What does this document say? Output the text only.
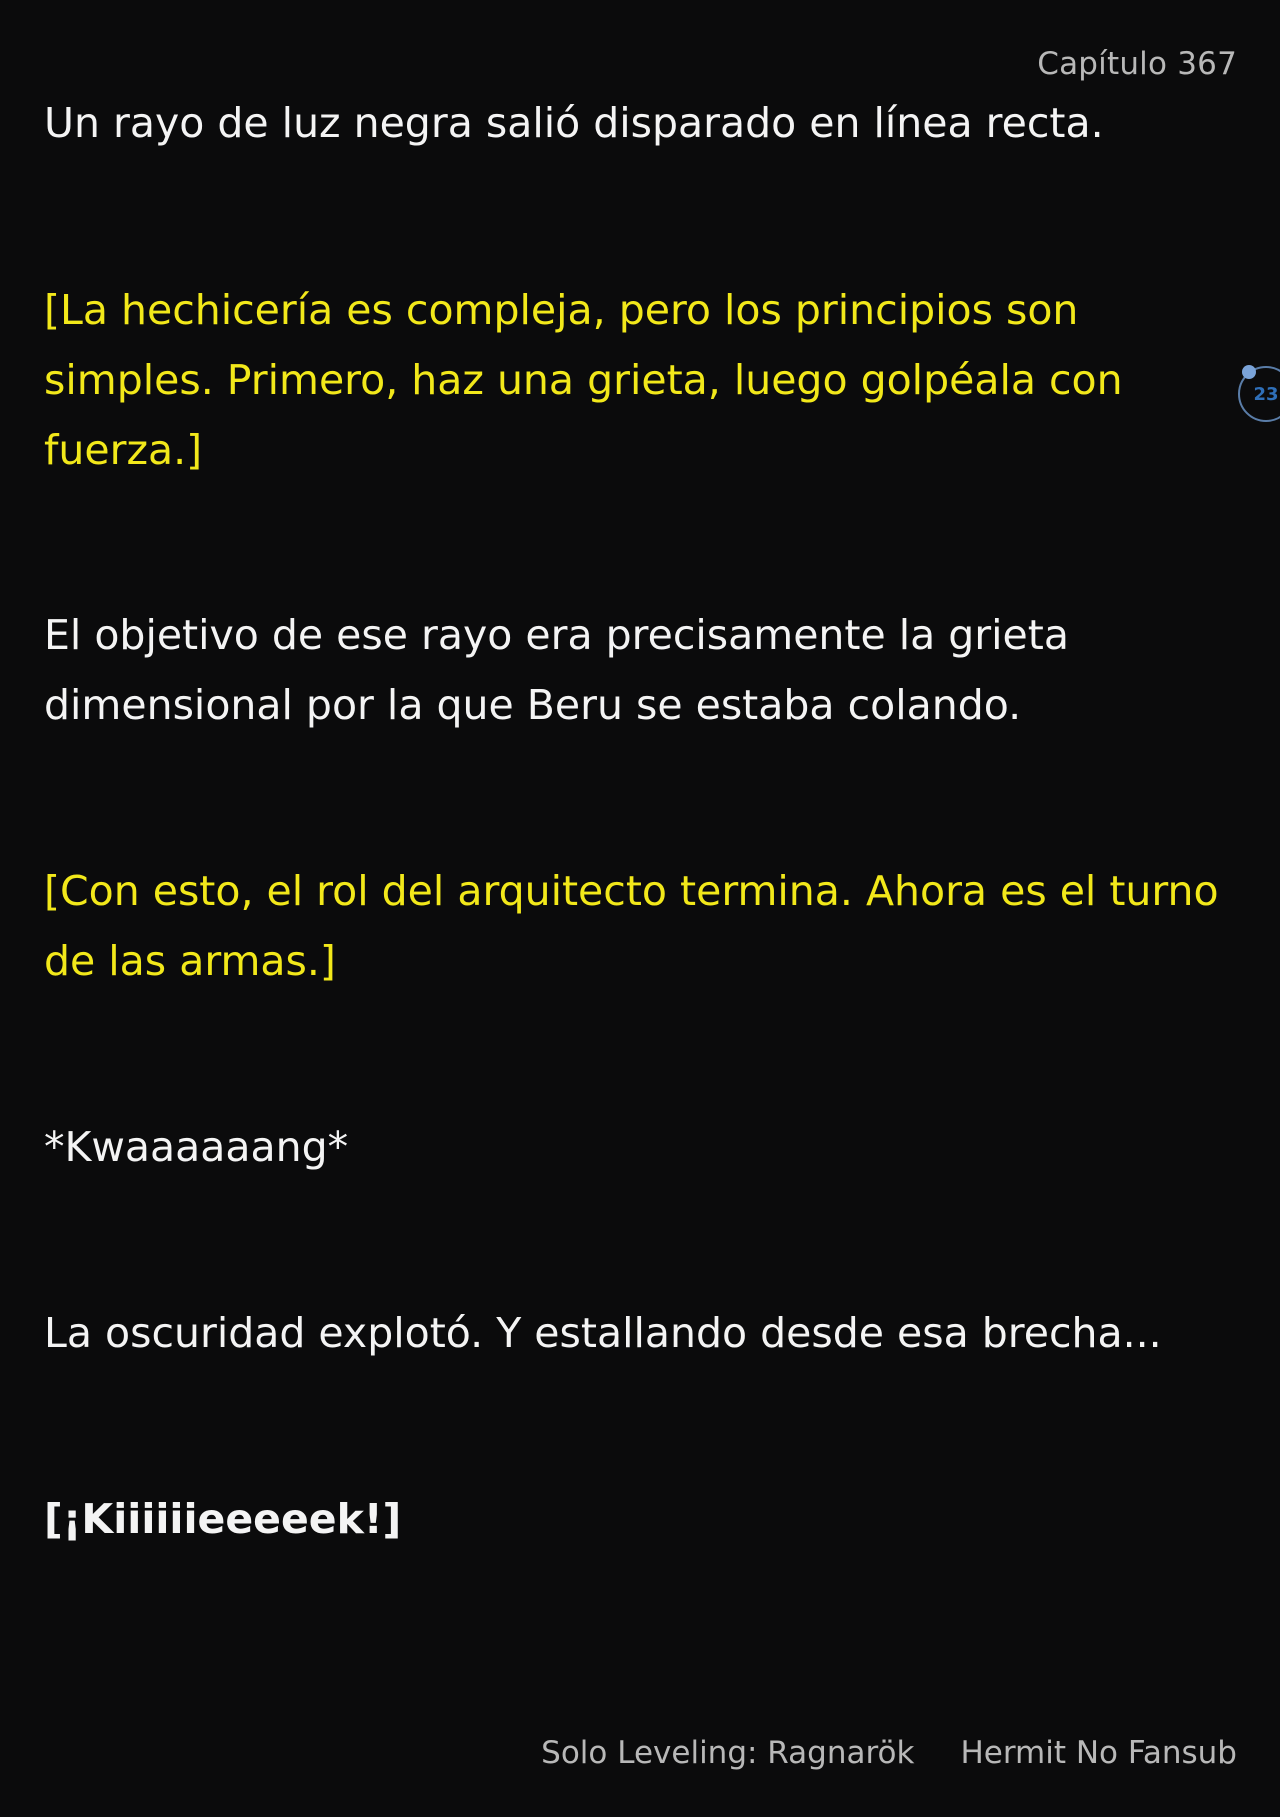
Capítulo 367

Un rayo de luz negra salió disparado en línea recta.

[La hechicería es compleja, pero los principios son simples. Primero, haz una grieta, luego golpéala con fuerza.]

El objetivo de ese rayo era precisamente la grieta dimensional por la que Beru se estaba colando.

[Con esto, el rol del arquitecto termina. Ahora es el turno de las armas.]

*Kwaaaaaang*

La oscuridad explotó. Y estallando desde esa brecha...

[¡Kiiiiiieeeeek!]

23
Solo Leveling: Ragnarök Hermit No Fansub
